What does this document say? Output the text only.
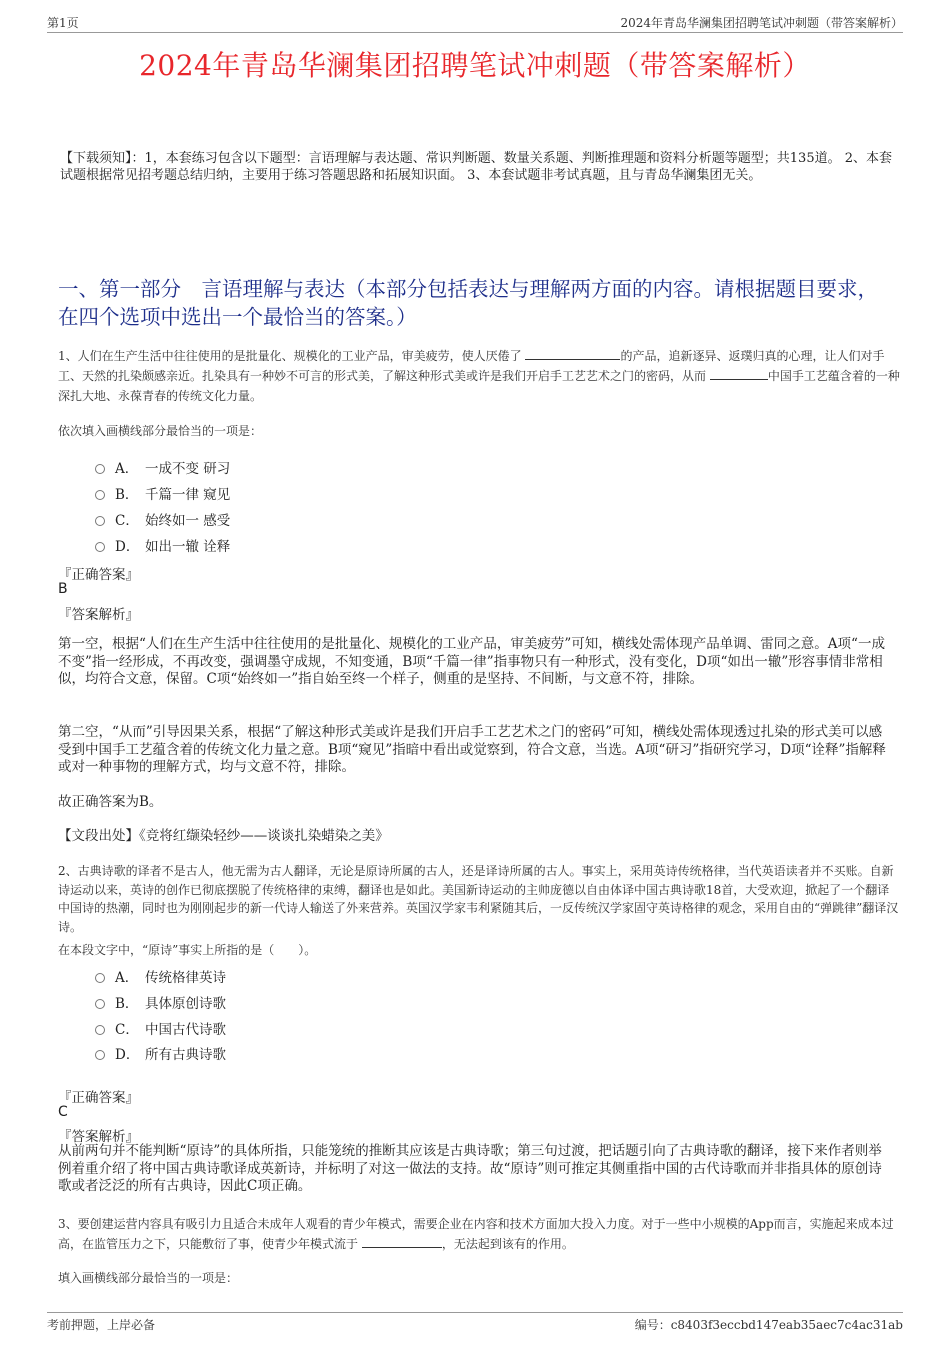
第1页	2024年青岛华澜集团招聘笔试冲刺题（带答案解析）
2024年青岛华澜集团招聘笔试冲刺题（带答案解析）
【下载须知】：1，本套练习包含以下题型：言语理解与表达题、常识判断题、数量关系题、判断推理题和资料分析题等题型；共135道。 2、本套试题根据常见招考题总结归纳，主要用于练习答题思路和拓展知识面。 3、本套试题非考试真题，且与青岛华澜集团无关。
一、第一部分　言语理解与表达（本部分包括表达与理解两方面的内容。请根据题目要求，在四个选项中选出一个最恰当的答案。）
1、人们在生产生活中往往使用的是批量化、规模化的工业产品，审美疲劳，使人厌倦了	的产品，追新逐异、返璞归真的心理，让人们对手工、天然的扎染颇感亲近。扎染具有一种妙不可言的形式美，了解这种形式美或许是我们开启手工艺艺术之门的密码，从而	中国手工艺蕴含着的一种深扎大地、永葆青春的传统文化力量。
依次填入画横线部分最恰当的一项是：
A． 一成不变 研习
B． 千篇一律 窥见
C． 始终如一 感受
D． 如出一辙 诠释
『正确答案』
B
『答案解析』
第一空，根据“人们在生产生活中往往使用的是批量化、规模化的工业产品，审美疲劳”可知，横线处需体现产品单调、雷同之意。A项“一成不变”指一经形成，不再改变，强调墨守成规，不知变通，B项“千篇一律”指事物只有一种形式，没有变化，D项“如出一辙”形容事情非常相似，均符合文意，保留。C项“始终如一”指自始至终一个样子，侧重的是坚持、不间断，与文意不符，排除。
第二空，“从而”引导因果关系，根据“了解这种形式美或许是我们开启手工艺艺术之门的密码”可知，横线处需体现透过扎染的形式美可以感受到中国手工艺蕴含着的传统文化力量之意。B项“窥见”指暗中看出或觉察到，符合文意，当选。A项“研习”指研究学习，D项“诠释”指解释或对一种事物的理解方式，均与文意不符，排除。
故正确答案为B。
【文段出处】《竞将红缬染轻纱——谈谈扎染蜡染之美》
2、古典诗歌的译者不是古人，他无需为古人翻译，无论是原诗所属的古人，还是译诗所属的古人。事实上，采用英诗传统格律，当代英语读者并不买账。自新诗运动以来，英诗的创作已彻底摆脱了传统格律的束缚，翻译也是如此。美国新诗运动的主帅庞德以自由体译中国古典诗歌18首，大受欢迎，掀起了一个翻译中国诗的热潮，同时也为刚刚起步的新一代诗人输送了外来营养。英国汉学家韦利紧随其后，一反传统汉学家固守英诗格律的观念，采用自由的“弹跳律”翻译汉诗。
在本段文字中，“原诗”事实上所指的是（　　）。
A． 传统格律英诗
B． 具体原创诗歌
C． 中国古代诗歌
D． 所有古典诗歌
『正确答案』
C
『答案解析』
从前两句并不能判断“原诗”的具体所指，只能笼统的推断其应该是古典诗歌；第三句过渡，把话题引向了古典诗歌的翻译，接下来作者则举例着重介绍了将中国古典诗歌译成英新诗，并标明了对这一做法的支持。故“原诗”则可推定其侧重指中国的古代诗歌而并非指具体的原创诗歌或者泛泛的所有古典诗，因此C项正确。
3、要创建运营内容具有吸引力且适合未成年人观看的青少年模式，需要企业在内容和技术方面加大投入力度。对于一些中小规模的App而言，实施起来成本过高，在监管压力之下，只能敷衍了事，使青少年模式流于	，无法起到该有的作用。
填入画横线部分最恰当的一项是：
考前押题，上岸必备	编号：c8403f3eccbd147eab35aec7c4ac31ab
